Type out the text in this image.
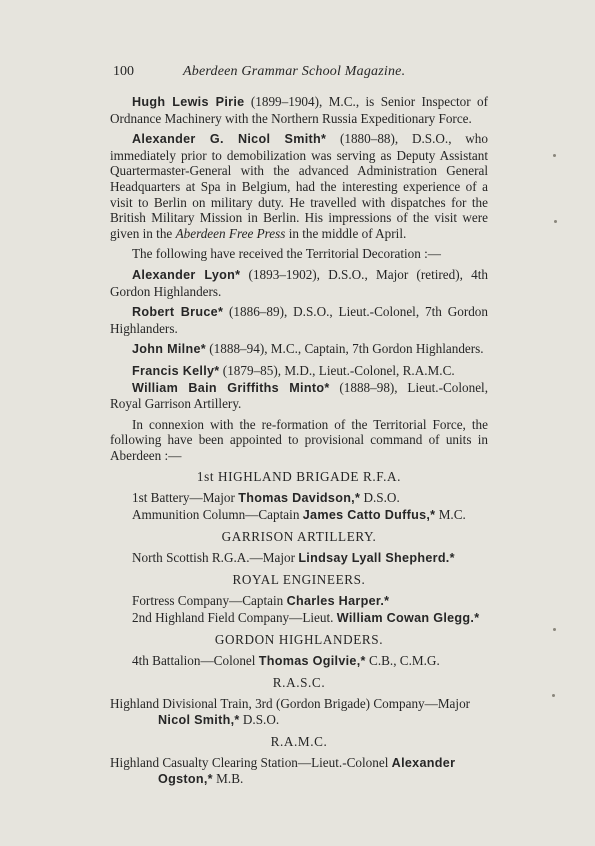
100	Aberdeen Grammar School Magazine.

Hugh Lewis Pirie (1899–1904), M.C., is Senior Inspector of Ordnance Machinery with the Northern Russia Expeditionary Force.

Alexander G. Nicol Smith* (1880–88), D.S.O., who immediately prior to demobilization was serving as Deputy Assistant Quartermaster-General with the advanced Administration General Headquarters at Spa in Belgium, had the interesting experience of a visit to Berlin on military duty. He travelled with dispatches for the British Military Mission in Berlin. His impressions of the visit were given in the Aberdeen Free Press in the middle of April.

The following have received the Territorial Decoration :—

Alexander Lyon* (1893–1902), D.S.O., Major (retired), 4th Gordon Highlanders.

Robert Bruce* (1886–89), D.S.O., Lieut.-Colonel, 7th Gordon Highlanders.

John Milne* (1888–94), M.C., Captain, 7th Gordon Highlanders.

Francis Kelly* (1879–85), M.D., Lieut.-Colonel, R.A.M.C.

William Bain Griffiths Minto* (1888–98), Lieut.-Colonel, Royal Garrison Artillery.

In connexion with the re-formation of the Territorial Force, the following have been appointed to provisional command of units in Aberdeen :—

1st HIGHLAND BRIGADE R.F.A.

1st Battery—Major Thomas Davidson,* D.S.O.

Ammunition Column—Captain James Catto Duffus,* M.C.

GARRISON ARTILLERY.

North Scottish R.G.A.—Major Lindsay Lyall Shepherd.*

ROYAL ENGINEERS.

Fortress Company—Captain Charles Harper.*

2nd Highland Field Company—Lieut. William Cowan Glegg.*

GORDON HIGHLANDERS.

4th Battalion—Colonel Thomas Ogilvie,* C.B., C.M.G.

R.A.S.C.

Highland Divisional Train, 3rd (Gordon Brigade) Company—Major Nicol Smith,* D.S.O.

R.A.M.C.

Highland Casualty Clearing Station—Lieut.-Colonel Alexander Ogston,* M.B.
